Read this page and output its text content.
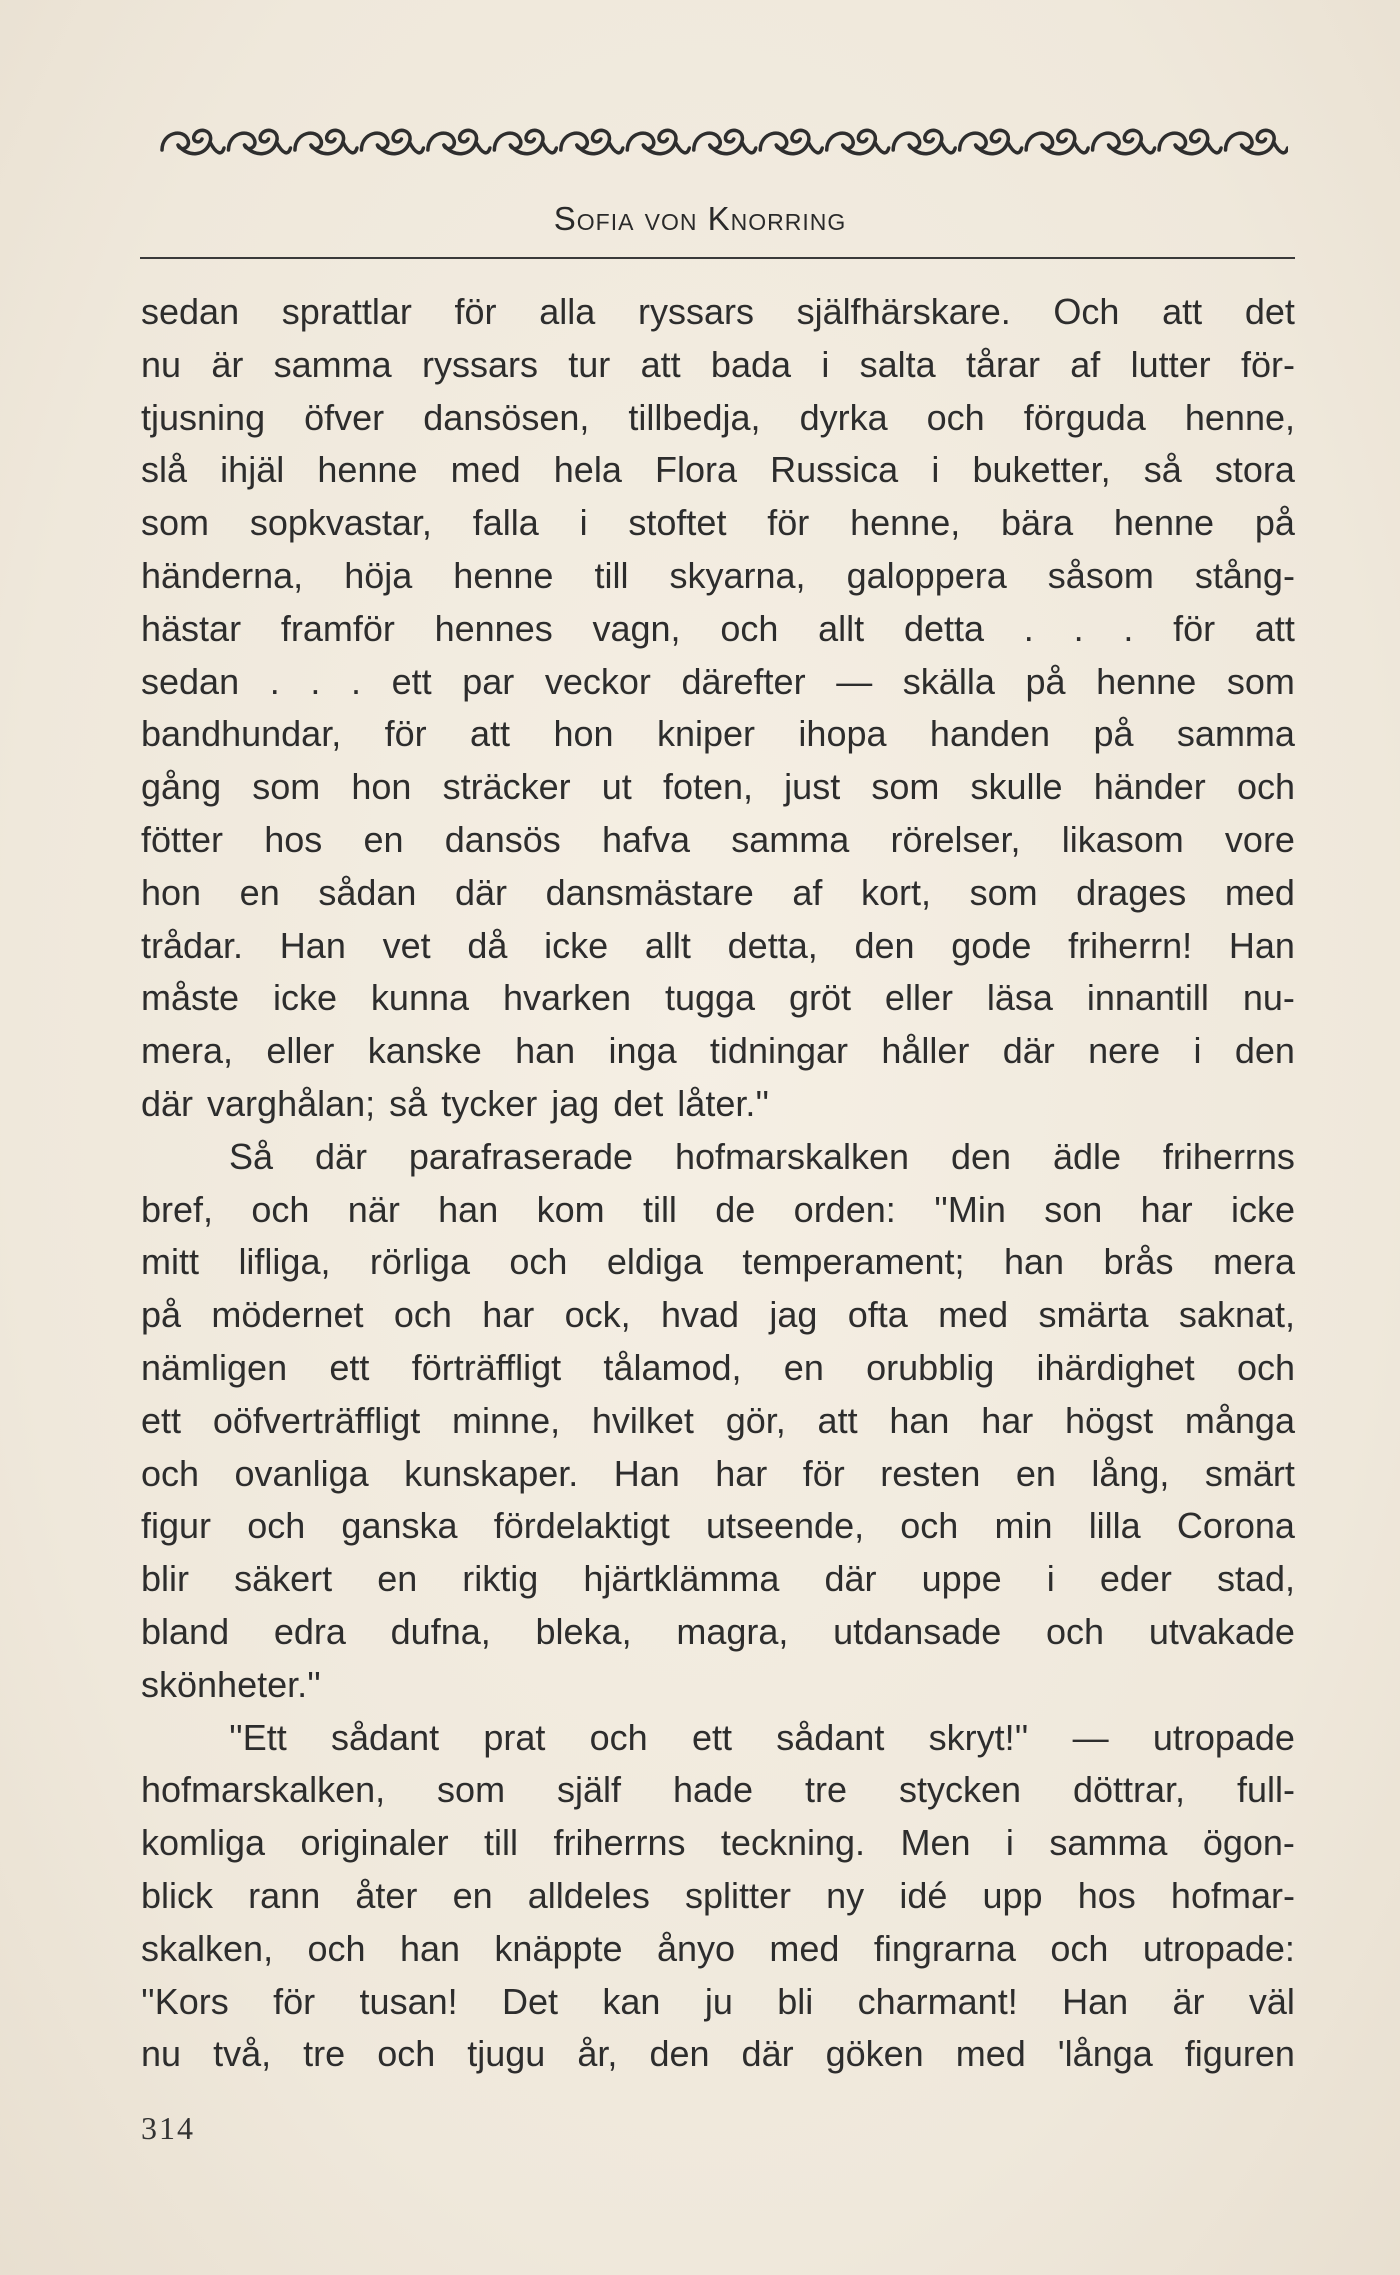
Sofia von Knorring
sedan sprattlar för alla ryssars själfhärskare. Och att det
nu är samma ryssars tur att bada i salta tårar af lutter för-
tjusning öfver dansösen, tillbedja, dyrka och förguda henne,
slå ihjäl henne med hela Flora Russica i buketter, så stora
som sopkvastar, falla i stoftet för henne, bära henne på
händerna, höja henne till skyarna, galoppera såsom stång-
hästar framför hennes vagn, och allt detta . . . för att
sedan . . . ett par veckor därefter — skälla på henne som
bandhundar, för att hon kniper ihopa handen på samma
gång som hon sträcker ut foten, just som skulle händer och
fötter hos en dansös hafva samma rörelser, likasom vore
hon en sådan där dansmästare af kort, som drages med
trådar. Han vet då icke allt detta, den gode friherrn! Han
måste icke kunna hvarken tugga gröt eller läsa innantill nu-
mera, eller kanske han inga tidningar håller där nere i den
där varghålan; så tycker jag det låter.''
Så där parafraserade hofmarskalken den ädle friherrns
bref, och när han kom till de orden: ''Min son har icke
mitt lifliga, rörliga och eldiga temperament; han brås mera
på mödernet och har ock, hvad jag ofta med smärta saknat,
nämligen ett förträffligt tålamod, en orubblig ihärdighet och
ett oöfverträffligt minne, hvilket gör, att han har högst många
och ovanliga kunskaper. Han har för resten en lång, smärt
figur och ganska fördelaktigt utseende, och min lilla Corona
blir säkert en riktig hjärtklämma där uppe i eder stad,
bland edra dufna, bleka, magra, utdansade och utvakade
skönheter.''
''Ett sådant prat och ett sådant skryt!'' — utropade
hofmarskalken, som själf hade tre stycken döttrar, full-
komliga originaler till friherrns teckning. Men i samma ögon-
blick rann åter en alldeles splitter ny idé upp hos hofmar-
skalken, och han knäppte ånyo med fingrarna och utropade:
''Kors för tusan! Det kan ju bli charmant! Han är väl
nu två, tre och tjugu år, den där göken med 'långa figuren
314
